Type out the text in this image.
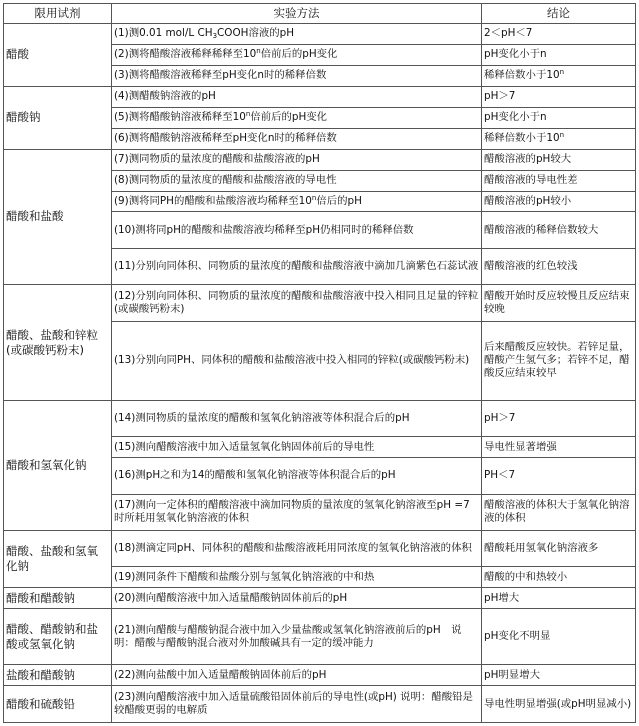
限用试剂	实验方法	结论
醋酸	(1)测0.01 mol/L $CH_3COOH$溶液的pH	2＜pH＜7
	(2)测将醋酸溶液稀释稀释至10$^n$倍前后的pH变化	pH变化小于n
	(3)测将醋酸溶液稀释至pH变化n时的稀释倍数	稀释倍数小于10$^n$
醋酸钠	(4)测醋酸钠溶液的pH	pH＞7
	(5)测将醋酸钠溶液稀释至10$^n$倍前后的pH变化	pH变化小于n
	(6)测将醋酸钠溶液稀释至pH变化n时的稀释倍数	稀释倍数小于10$^n$
醋酸和盐酸	(7)测同物质的量浓度的醋酸和盐酸溶液的pH	醋酸溶液的pH较大
	(8)测同物质的量浓度的醋酸和盐酸溶液的导电性	醋酸溶液的导电性差
	(9)测将同PH的醋酸和盐酸溶液均稀释至10$^n$倍后的pH	醋酸溶液的pH较小
	(10)测将同pH的醋酸和盐酸溶液均稀释至pH仍相同时的稀释倍数	醋酸溶液的稀释倍数较大
	(11)分别向同体积、同物质的量浓度的醋酸和盐酸溶液中滴加几滴紫色石蕊试液	醋酸溶液的红色较浅
醋酸、盐酸和锌粒(或碳酸钙粉末)	(12)分别向同体积、同物质的量浓度的醋酸和盐酸溶液中投入相同且足量的锌粒(或碳酸钙粉末)	醋酸开始时反应较慢且反应结束较晚
	(13)分别向同PH、同体积的醋酸和盐酸溶液中投入相同的锌粒(或碳酸钙粉末)	后来醋酸反应较快。若锌足量，醋酸产生氢气多；若锌不足，醋酸反应结束较早
醋酸和氢氧化钠	(14)测同物质的量浓度的醋酸和氢氧化钠溶液等体积混合后的pH	pH＞7
	(15)测向醋酸溶液中加入适量氢氧化钠固体前后的导电性	导电性显著增强
	(16)测pH之和为14的醋酸和氢氧化钠溶液等体积混合后的pH	PH＜7
	(17)测向一定体积的醋酸溶液中滴加同物质的量浓度的氢氧化钠溶液至pH =7时所耗用氢氧化钠溶液的体积	醋酸溶液的体积大于氢氧化钠溶液的体积
醋酸、盐酸和氢氧化钠	(18)测滴定同pH、同体积的醋酸和盐酸溶液耗用同浓度的氢氧化钠溶液的体积	醋酸耗用氢氧化钠溶液多
	(19)测同条件下醋酸和盐酸分别与氢氧化钠溶液的中和热	醋酸的中和热较小
醋酸和醋酸钠	(20)测向醋酸溶液中加入适量醋酸钠固体前后的pH	pH增大
醋酸、醋酸钠和盐酸或氢氧化钠	(21)测向醋酸与醋酸钠混合液中加入少量盐酸或氢氧化钠溶液前后的pH　说明：醋酸与醋酸钠混合液对外加酸碱具有一定的缓冲能力	pH变化不明显
盐酸和醋酸钠	(22)测向盐酸中加入适量醋酸钠固体前后的pH	pH明显增大
醋酸和硫酸铅	(23)测向醋酸溶液中加入适量硫酸铅固体前后的导电性(或pH) 说明：醋酸铅是较醋酸更弱的电解质	导电性明显增强(或pH明显减小)
